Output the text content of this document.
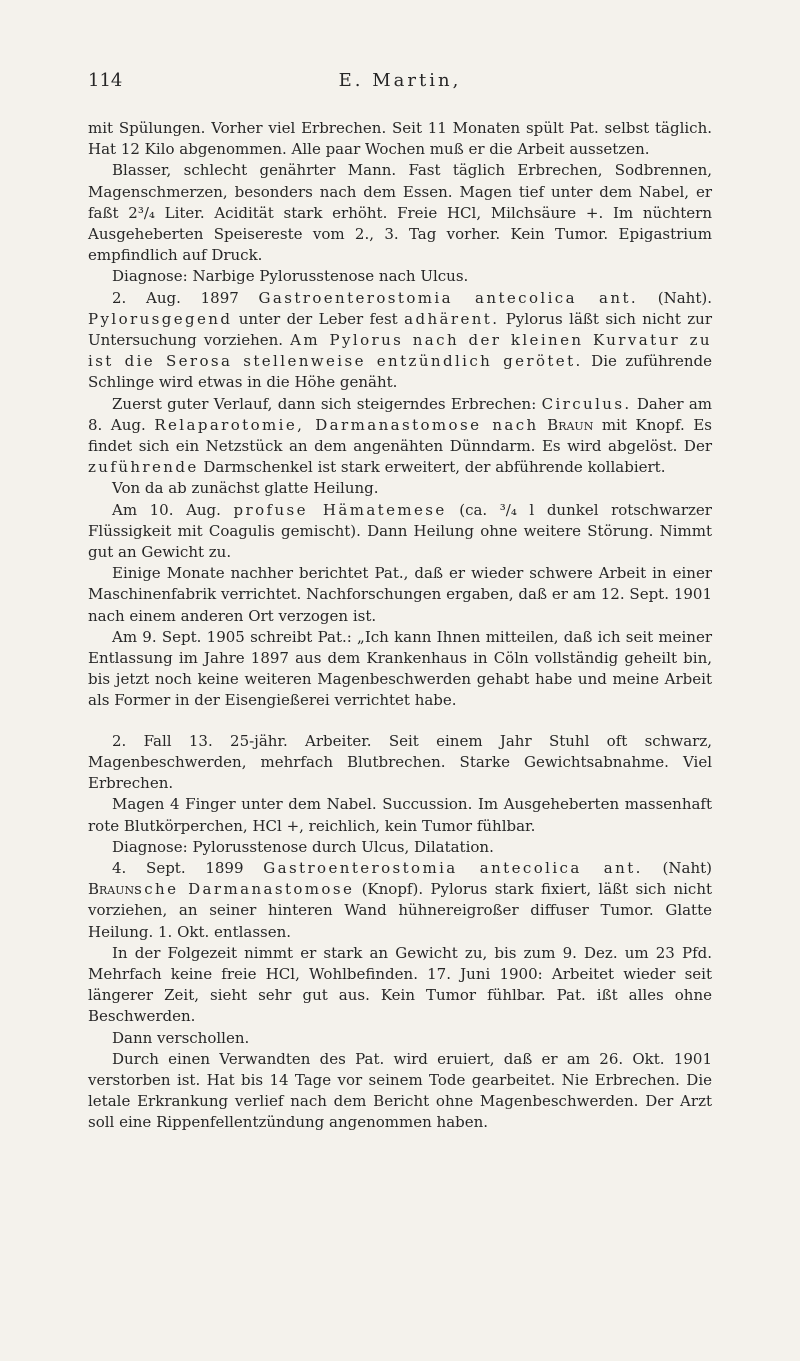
114	E. Martin,

mit Spülungen. Vorher viel Erbrechen. Seit 11 Monaten spült Pat. selbst täglich. Hat 12 Kilo abgenommen. Alle paar Wochen muß er die Arbeit aussetzen.

Blasser, schlecht genährter Mann. Fast täglich Erbrechen, Sodbrennen, Magenschmerzen, besonders nach dem Essen. Magen tief unter dem Nabel, er faßt 2³/₄ Liter. Acidität stark erhöht. Freie HCl, Milchsäure +. Im nüchtern Ausgeheberten Speisereste vom 2., 3. Tag vorher. Kein Tumor. Epigastrium empfindlich auf Druck.

Diagnose: Narbige Pylorusstenose nach Ulcus.

2. Aug. 1897 Gastroenterostomia antecolica ant. (Naht). Pylorusgegend unter der Leber fest adhärent. Pylorus läßt sich nicht zur Untersuchung vorziehen. Am Pylorus nach der kleinen Kurvatur zu ist die Serosa stellenweise entzündlich gerötet. Die zuführende Schlinge wird etwas in die Höhe genäht.

Zuerst guter Verlauf, dann sich steigerndes Erbrechen: Circulus. Daher am 8. Aug. Relaparotomie, Darmanastomose nach Braun mit Knopf. Es findet sich ein Netzstück an dem angenähten Dünndarm. Es wird abgelöst. Der zuführende Darmschenkel ist stark erweitert, der abführende kollabiert.

Von da ab zunächst glatte Heilung.

Am 10. Aug. profuse Hämatemese (ca. ³/₄ l dunkel rotschwarzer Flüssigkeit mit Coagulis gemischt). Dann Heilung ohne weitere Störung. Nimmt gut an Gewicht zu.

Einige Monate nachher berichtet Pat., daß er wieder schwere Arbeit in einer Maschinenfabrik verrichtet. Nachforschungen ergaben, daß er am 12. Sept. 1901 nach einem anderen Ort verzogen ist.

Am 9. Sept. 1905 schreibt Pat.: „Ich kann Ihnen mitteilen, daß ich seit meiner Entlassung im Jahre 1897 aus dem Krankenhaus in Cöln vollständig geheilt bin, bis jetzt noch keine weiteren Magenbeschwerden gehabt habe und meine Arbeit als Former in der Eisengießerei verrichtet habe.

2. Fall 13. 25-jähr. Arbeiter. Seit einem Jahr Stuhl oft schwarz, Magenbeschwerden, mehrfach Blutbrechen. Starke Gewichtsabnahme. Viel Erbrechen.

Magen 4 Finger unter dem Nabel. Succussion. Im Ausgeheberten massenhaft rote Blutkörperchen, HCl +, reichlich, kein Tumor fühlbar.

Diagnose: Pylorusstenose durch Ulcus, Dilatation.

4. Sept. 1899 Gastroenterostomia antecolica ant. (Naht) Braunsche Darmanastomose (Knopf). Pylorus stark fixiert, läßt sich nicht vorziehen, an seiner hinteren Wand hühnereigroßer diffuser Tumor. Glatte Heilung. 1. Okt. entlassen.

In der Folgezeit nimmt er stark an Gewicht zu, bis zum 9. Dez. um 23 Pfd. Mehrfach keine freie HCl, Wohlbefinden. 17. Juni 1900: Arbeitet wieder seit längerer Zeit, sieht sehr gut aus. Kein Tumor fühlbar. Pat. ißt alles ohne Beschwerden.

Dann verschollen.

Durch einen Verwandten des Pat. wird eruiert, daß er am 26. Okt. 1901 verstorben ist. Hat bis 14 Tage vor seinem Tode gearbeitet. Nie Erbrechen. Die letale Erkrankung verlief nach dem Bericht ohne Magenbeschwerden. Der Arzt soll eine Rippenfellentzündung angenommen haben.
